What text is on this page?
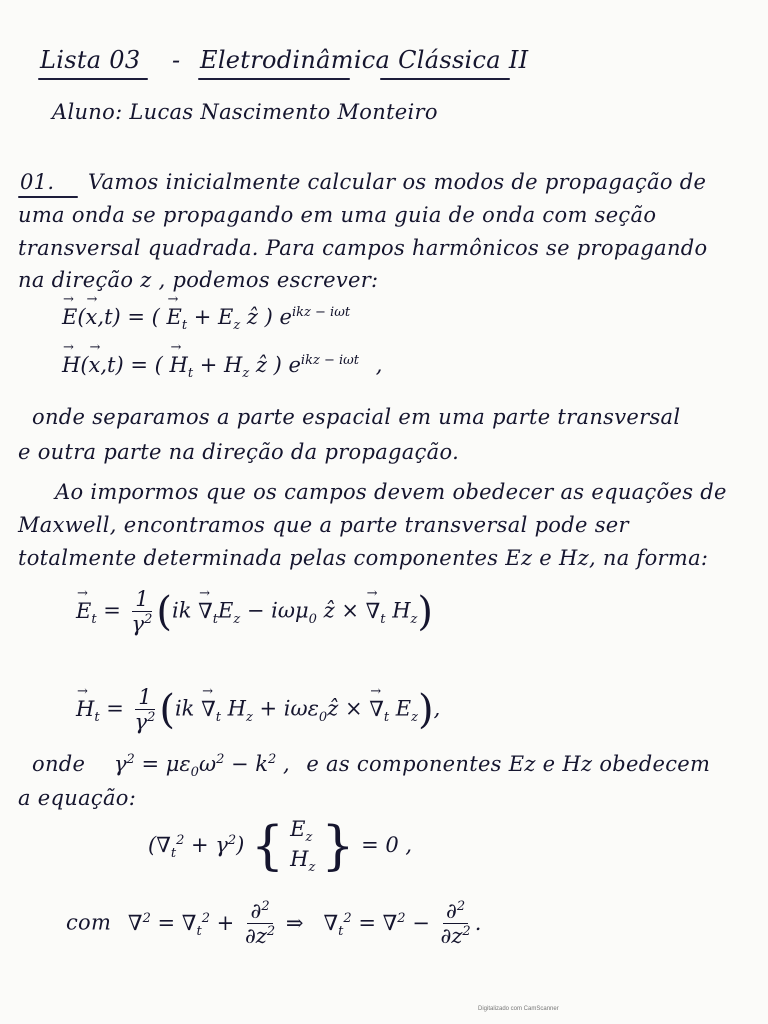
Lista 03 - Eletrodinâmica Clássica II
Aluno: Lucas Nascimento Monteiro
01. Vamos inicialmente calcular os modos de propagação de
uma onda se propagando em uma guia de onda com seção
transversal quadrada. Para campos harmônicos se propagando
na direção z , podemos escrever:
→ E(→ x,t) = ( → $E_t + E_z$ ẑ ) $e^{ikz - i\omega t}$
→ H(→ x,t) = ( → $H_t + H_z$ ẑ ) $e^{ikz - i\omega t}$ ,
onde separamos a parte espacial em uma parte transversal
e outra parte na direção da propagação.
Ao impormos que os campos devem obedecer as equações de
Maxwell, encontramos que a parte transversal pode ser
totalmente determinada pelas componentes Ez e Hz, na forma:
→ $E_t = \frac{1}{\gamma^2} (ik \to \nabla_tE_z - i\omega\mu_0$ ẑ × → $\nabla_t$ $H_z$)
→ $H_t = \frac{1}{\gamma^2} (ik \to \nabla_t$ $H_z$ + iωε$_0$ẑ × → $\nabla_t$ $E_z$),
onde $\gamma^2 = \mu\varepsilon_0\omega^2 - k^2$ , e as componentes Ez e Hz obedecem
a equação:
$(\nabla_t^2 + \gamma^2)$ { $E_z$
$H_z$ } = 0 ,
com $\nabla^2 = \nabla_t^2 + \frac{\partial^2}{\partial z^2}$ ⇒   $\nabla_t^2 = \nabla^2 - \frac{\partial^2}{\partial z^2}$ .
Digitalizado com CamScanner
